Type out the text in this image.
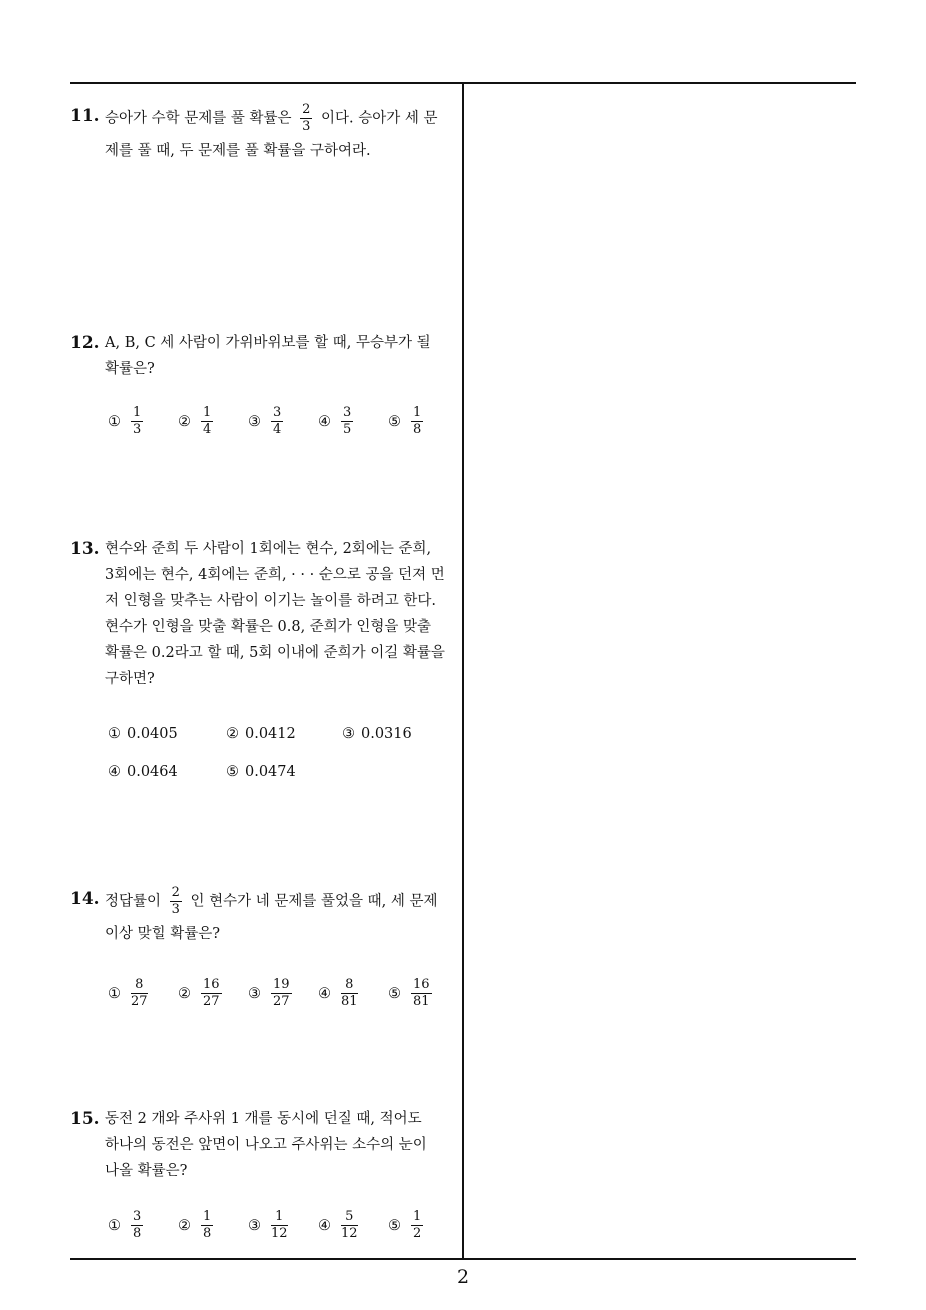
11. 승아가 수학 문제를 풀 확률은 $\frac{2}{3}$ 이다. 승아가 세 문
제를 풀 때, 두 문제를 풀 확률을 구하여라.
12. A, B, C 세 사람이 가위바위보를 할 때, 무승부가 될
확률은?
① $\frac{1}{3}$ ② $\frac{1}{4}$ ③ $\frac{3}{4}$ ④ $\frac{3}{5}$ ⑤ $\frac{1}{8}$
13. 현수와 준희 두 사람이 1회에는 현수, 2회에는 준희,
3회에는 현수, 4회에는 준희, · · · 순으로 공을 던져 먼
저 인형을 맞추는 사람이 이기는 놀이를 하려고 한다.
현수가 인형을 맞출 확률은 0.8, 준희가 인형을 맞출
확률은 0.2라고 할 때, 5회 이내에 준희가 이길 확률을
구하면?
① 0.0405	② 0.0412	③ 0.0316
④ 0.0464	⑤ 0.0474
14. 정답률이 $\frac{2}{3}$ 인 현수가 네 문제를 풀었을 때, 세 문제
이상 맞힐 확률은?
① $\frac{8}{27}$ ② $\frac{16}{27}$ ③ $\frac{19}{27}$ ④ $\frac{8}{81}$ ⑤ $\frac{16}{81}$
15. 동전 2 개와 주사위 1 개를 동시에 던질 때, 적어도
하나의 동전은 앞면이 나오고 주사위는 소수의 눈이
나올 확률은?
① $\frac{3}{8}$ ② $\frac{1}{8}$ ③ $\frac{1}{12}$ ④ $\frac{5}{12}$ ⑤ $\frac{1}{2}$
2
